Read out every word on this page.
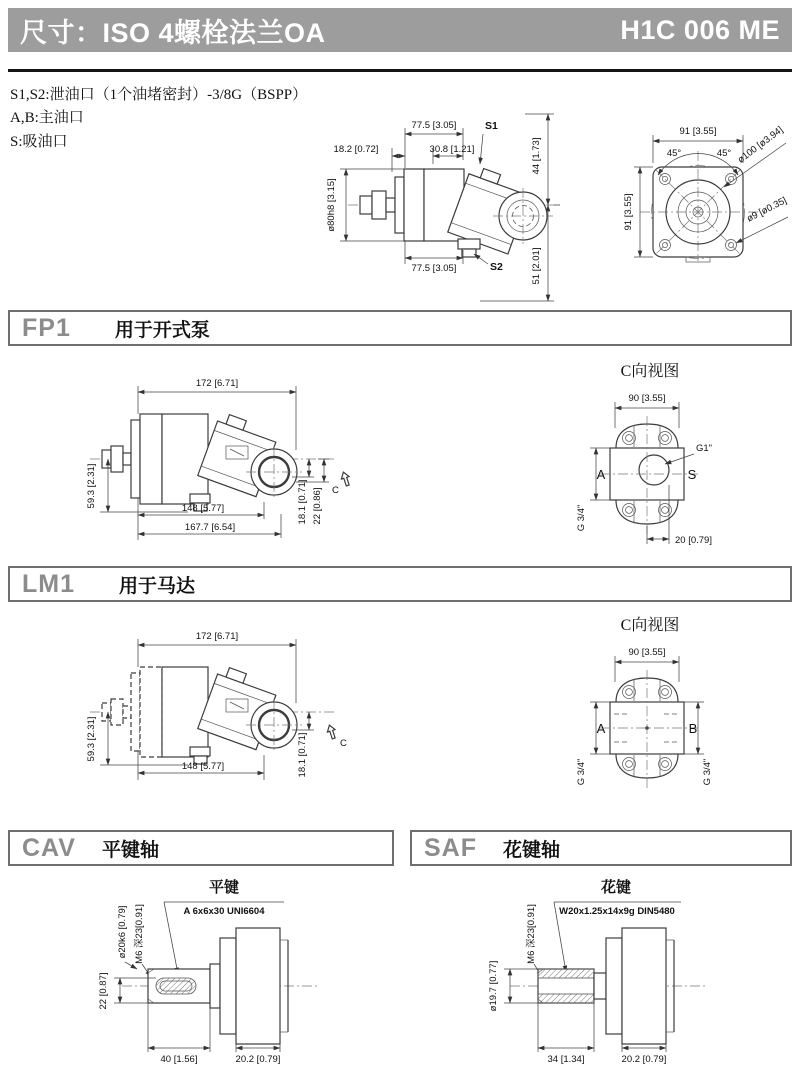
尺寸：ISO 4螺栓法兰OA	H1C 006 ME
S1,S2:泄油口（1个油堵密封）-3/8G（BSPP）
A,B:主油口
S:吸油口
77.5 [3.05]	S1
18.2 [0.72]	30.8 [1.21]	44 [1.73]
51 [2.01]
ø80h8 [3.15]
77.5 [3.05]	S2
91 [3.55]
45°	45°
91 [3.55]
ø100 [ø3.94]
ø9 [ø0.35]
FP1 用于开式泵
172 [6.71]
59.3 [2.31]
148 [5.77]
167.7 [6.54]
18.1 [0.71] 22 [0.86] C
C向视图
90 [3.55]
G1"
A	S
G 3/4"
20 [0.79]
LM1 用于马达
172 [6.71]
59.3 [2.31]
148 [5.77]	18.1 [0.71]	C
C向视图
90 [3.55]
A	B
G 3/4"	G 3/4"
CAV 平键轴	SAF 花键轴
平键
A 6x6x30 UNI6604
ø20k6 [0.79] M6 深23[0.91]
22 [0.87]
40 [1.56]	20.2 [0.79]
花键
W20x1.25x14x9g DIN5480
M6 深23[0.91]
ø19.7 [0.77]
34 [1.34]	20.2 [0.79]
